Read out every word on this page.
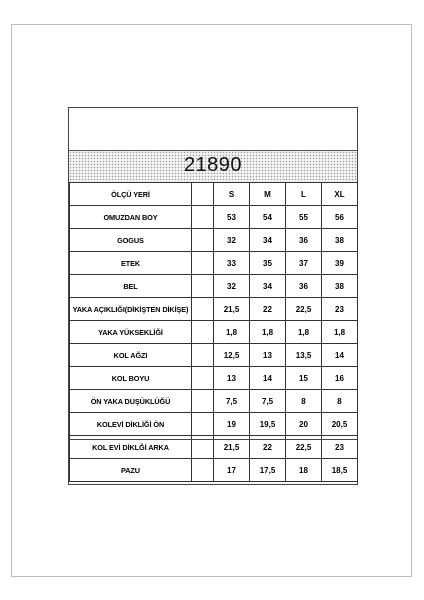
21890
ÖLÇÜ YERİ		S	M	L	XL
OMUZDAN BOY		53	54	55	56
GOGUS		32	34	36	38
ETEK		33	35	37	39
BEL		32	34	36	38
YAKA AÇIKLIĞI(DİKİŞTEN DİKİŞE)		21,5	22	22,5	23
YAKA YÜKSEKLİĞİ		1,8	1,8	1,8	1,8
KOL AĞZI		12,5	13	13,5	14
KOL BOYU		13	14	15	16
ÖN YAKA DUŞÜKLÜĞÜ		7,5	7,5	8	8
KOLEVİ DİKLİĞİ ÖN		19	19,5	20	20,5
KOL EVİ DİKLĞİ ARKA		21,5	22	22,5	23
PAZU		17	17,5	18	18,5
